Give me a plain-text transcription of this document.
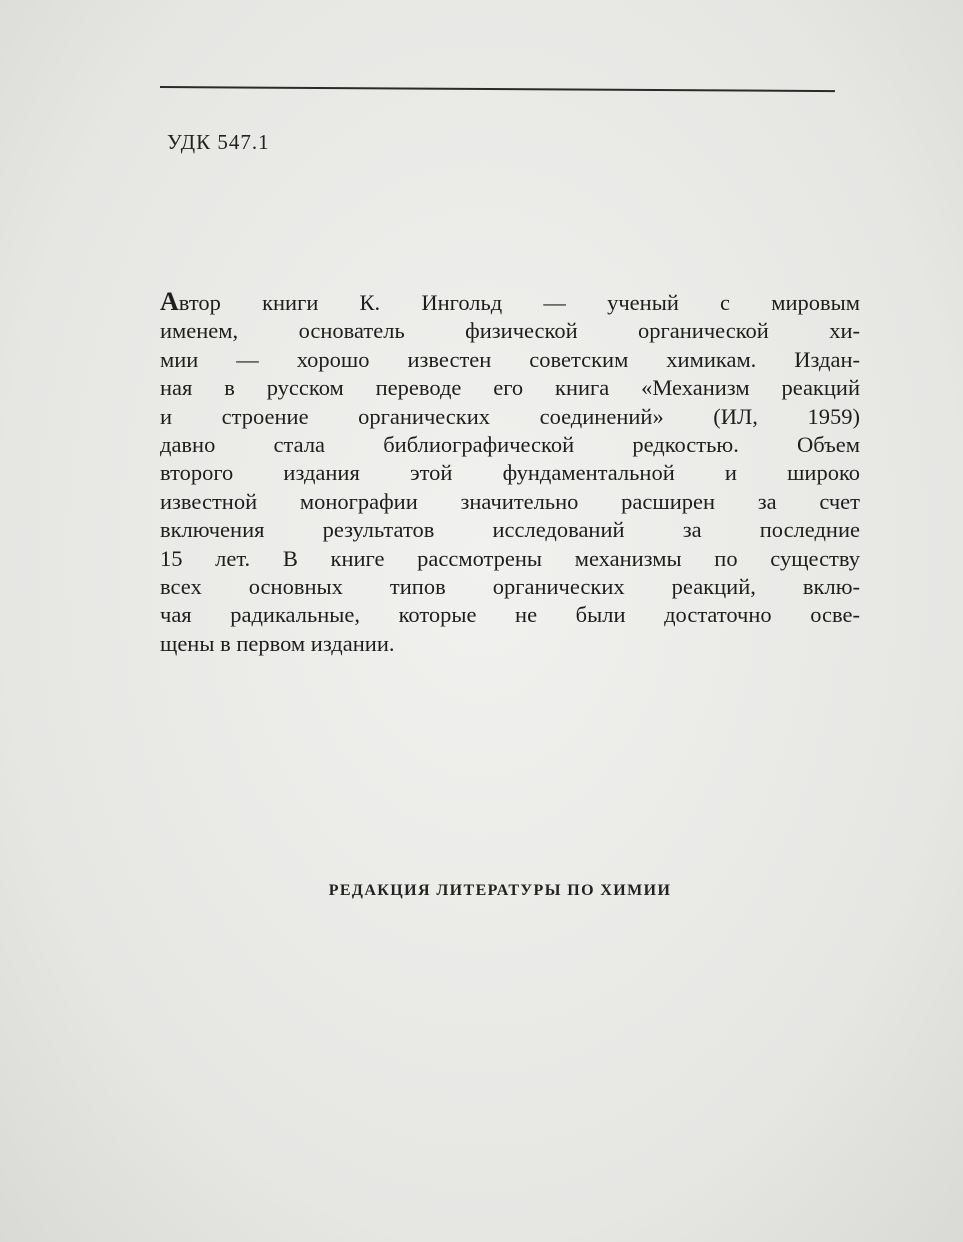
УДК 547.1
Автор книги К. Ингольд — ученый с мировым
именем, основатель физической органической хи-
мии — хорошо известен советским химикам. Издан-
ная в русском переводе его книга «Механизм реакций
и строение органических соединений» (ИЛ, 1959)
давно стала библиографической редкостью. Объем
второго издания этой фундаментальной и широко
известной монографии значительно расширен за счет
включения результатов исследований за последние
15 лет. В книге рассмотрены механизмы по существу
всех основных типов органических реакций, вклю-
чая радикальные, которые не были достаточно осве-
щены в первом издании.
РЕДАКЦИЯ ЛИТЕРАТУРЫ ПО ХИМИИ
